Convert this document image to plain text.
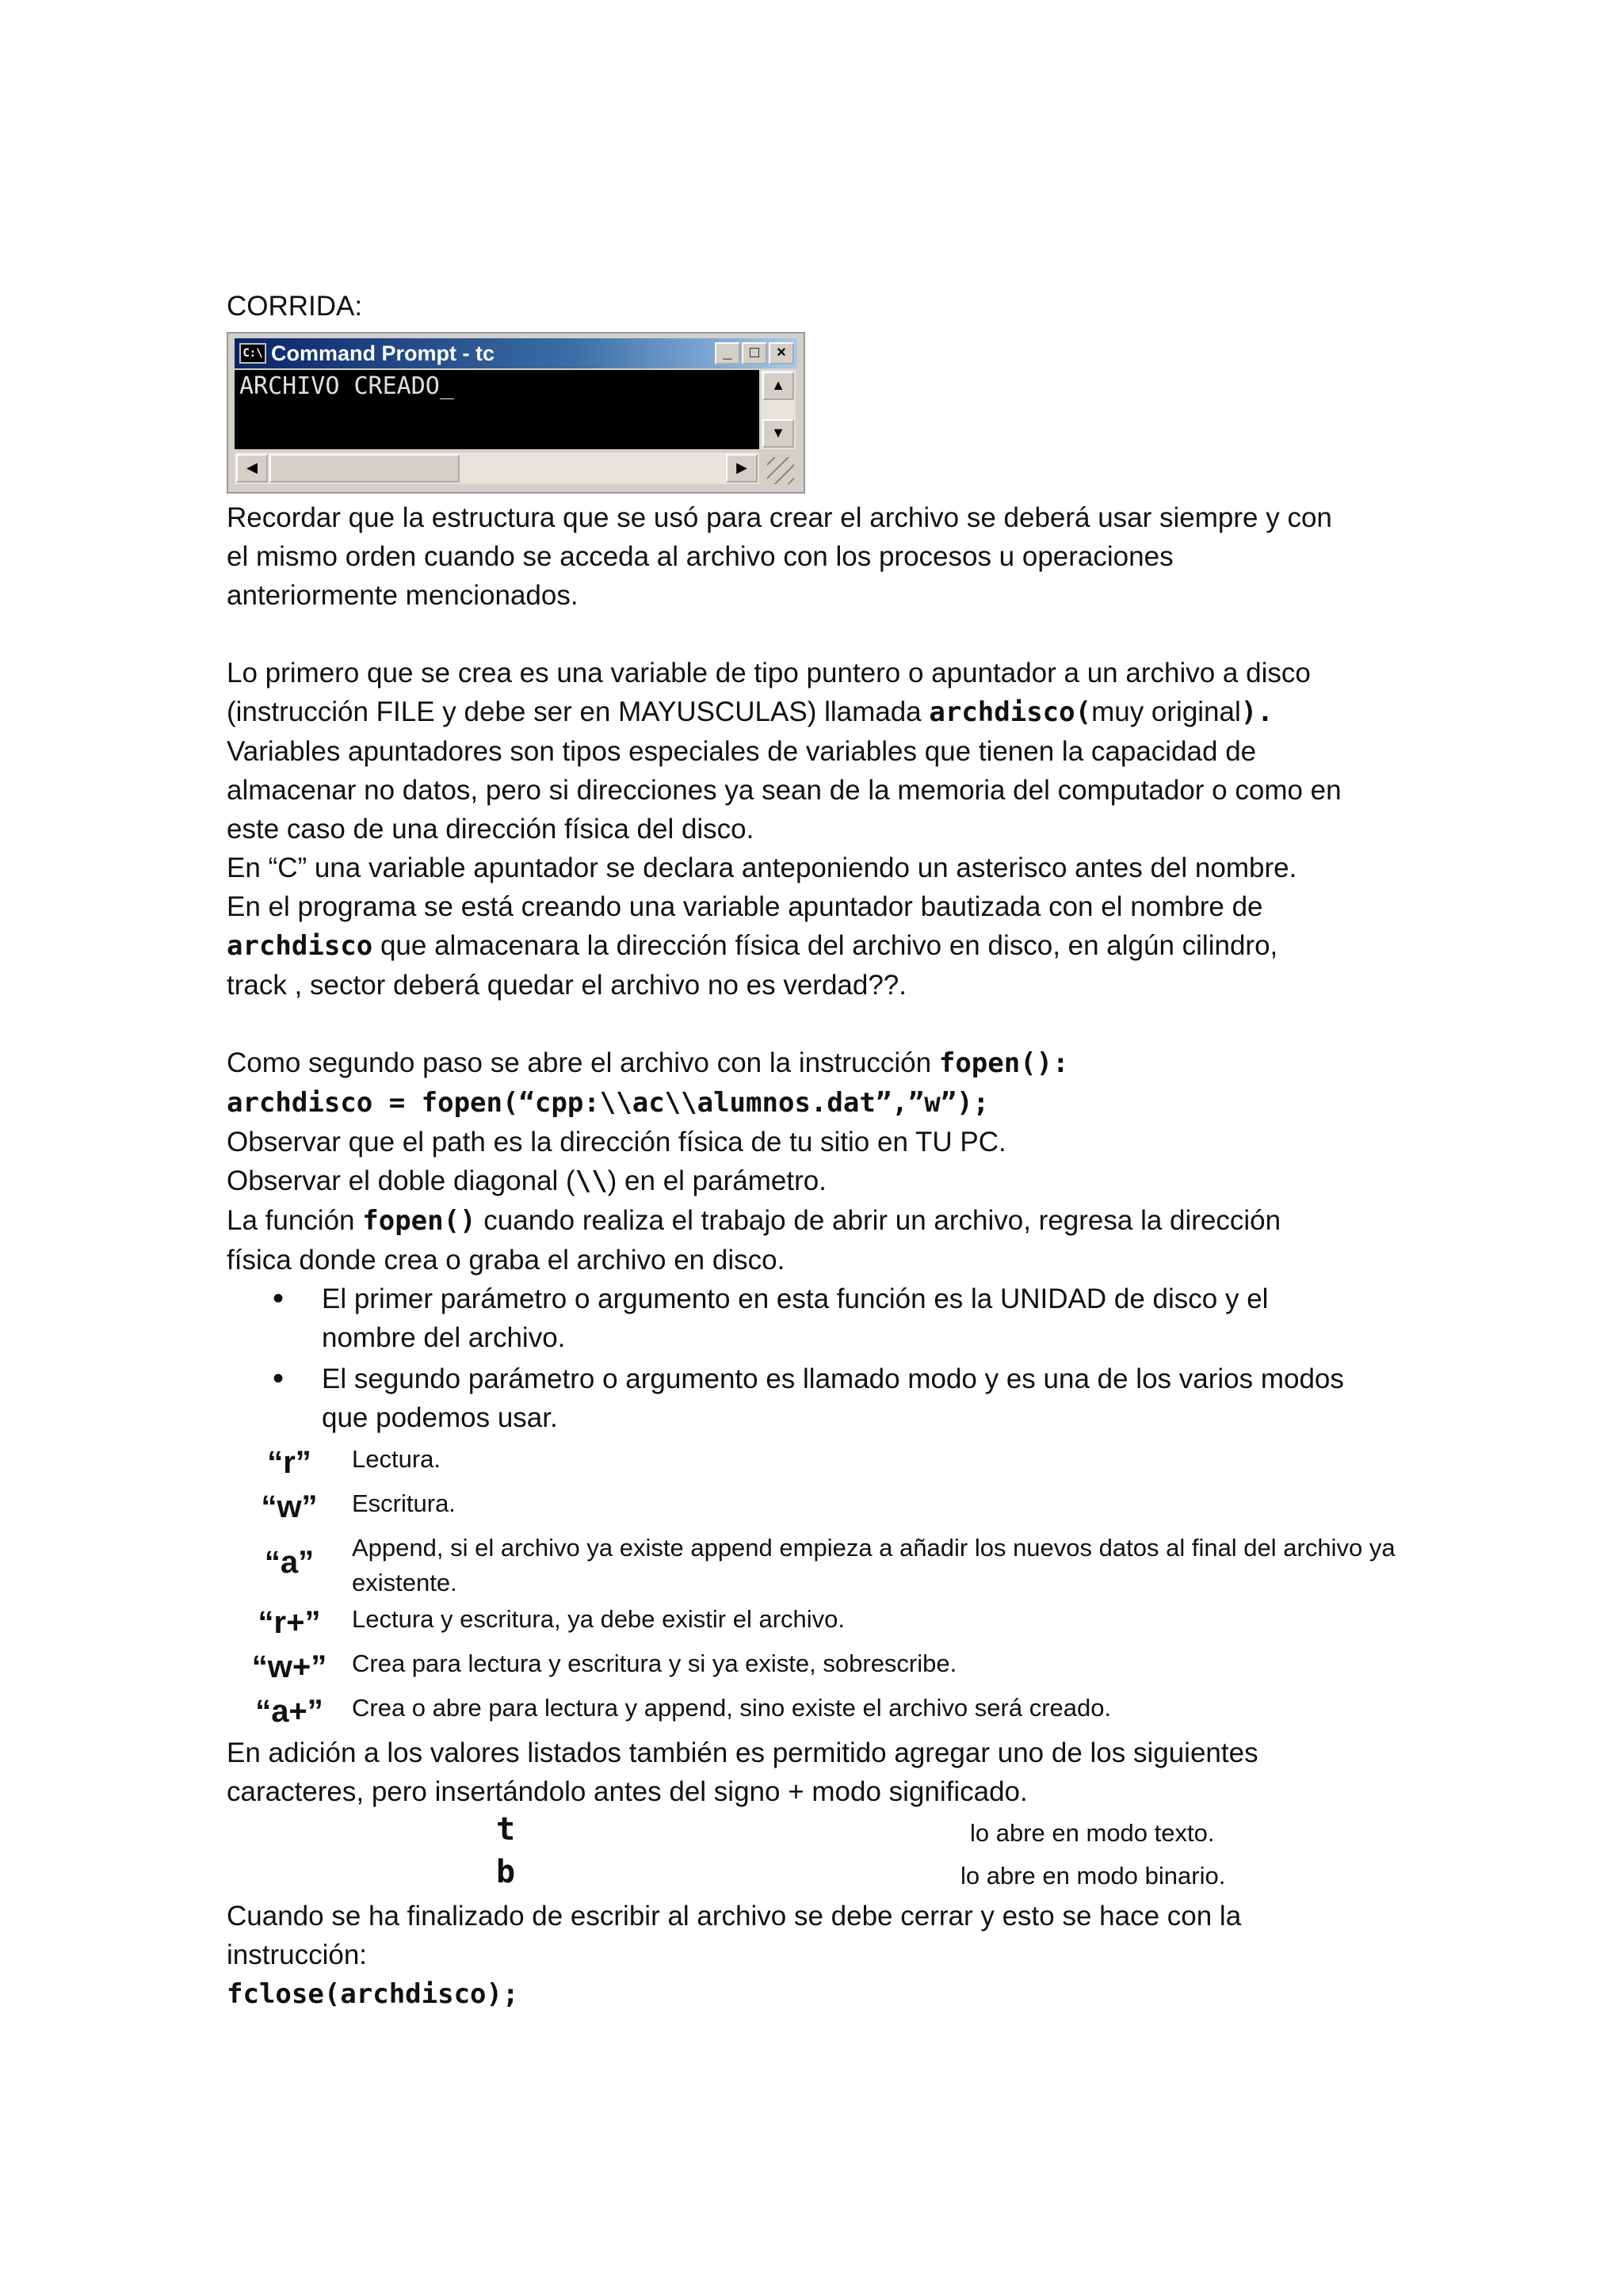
CORRIDA:

C:\ Command Prompt - tc	_	□	×
ARCHIVO CREADO_	▲
▼
◀	▶

Recordar que la estructura que se usó para crear el archivo se deberá usar siempre y con

el mismo orden cuando se acceda al archivo con los procesos u operaciones

anteriormente mencionados.

Lo primero que se crea es una variable de tipo puntero o apuntador a un archivo a disco

(instrucción FILE y debe ser en MAYUSCULAS) llamada archdisco(muy original).

Variables apuntadores son tipos especiales de variables que tienen la capacidad de

almacenar no datos, pero si direcciones ya sean de la memoria del computador o como en

este caso de una dirección física del disco.

En “C” una variable apuntador se declara anteponiendo un asterisco antes del nombre.

En el programa se está creando una variable apuntador bautizada con el nombre de

archdisco que almacenara la dirección física del archivo en disco, en algún cilindro,

track , sector deberá quedar el archivo no es verdad??.

Como segundo paso se abre el archivo con la instrucción fopen():

archdisco = fopen(“cpp:\\ac\\alumnos.dat”,”w”);

Observar que el path es la dirección física de tu sitio en TU PC.

Observar el doble diagonal (\\) en el parámetro.

La función fopen() cuando realiza el trabajo de abrir un archivo, regresa la dirección

física donde crea o graba el archivo en disco.

• El primer parámetro o argumento en esta función es la UNIDAD de disco y el
nombre del archivo.
• El segundo parámetro o argumento es llamado modo y es una de los varios modos
que podemos usar.
“r”	Lectura.
“w”	Escritura.
“a”	Append, si el archivo ya existe append empieza a añadir los nuevos datos al final del archivo ya existente.
“r+”	Lectura y escritura, ya debe existir el archivo.
“w+”	Crea para lectura y escritura y si ya existe, sobrescribe.
“a+”	Crea o abre para lectura y append, sino existe el archivo será creado.

En adición a los valores listados también es permitido agregar uno de los siguientes

caracteres, pero insertándolo antes del signo + modo significado.

t	lo abre en modo texto.
b	lo abre en modo binario.

Cuando se ha finalizado de escribir al archivo se debe cerrar y esto se hace con la

instrucción:

fclose(archdisco);
